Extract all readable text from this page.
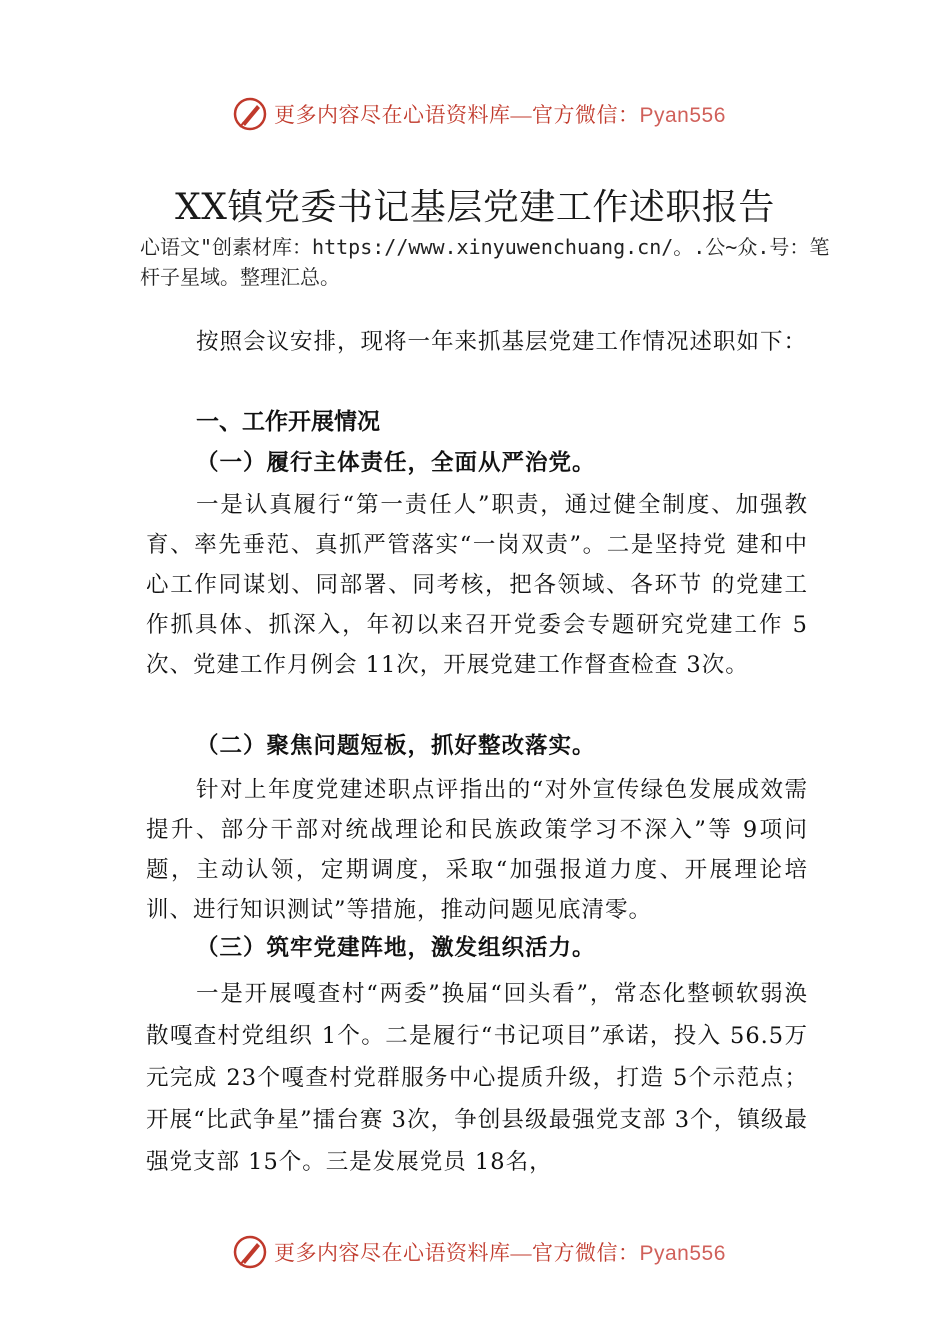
更多内容尽在心语资料库—官方微信：Pyan556
XX镇党委书记基层党建工作述职报告
心语文"创素材库：https://www.xinyuwenchuang.cn/。.公~众.号：笔杆子星域。整理汇总。

按照会议安排，现将一年来抓基层党建工作情况述职如下：

一、工作开展情况

（一）履行主体责任，全面从严治党。

一是认真履行“第一责任人”职责，通过健全制度、加强教育、率先垂范、真抓严管落实“一岗双责”。二是坚持党 建和中心工作同谋划、同部署、同考核，把各领域、各环节 的党建工作抓具体、抓深入，年初以来召开党委会专题研究党建工作 5次、党建工作月例会 11次，开展党建工作督查检查 3次。

（二）聚焦问题短板，抓好整改落实。

针对上年度党建述职点评指出的“对外宣传绿色发展成效需提升、部分干部对统战理论和民族政策学习不深入”等 9项问题，主动认领，定期调度，采取“加强报道力度、开展理论培训、进行知识测试”等措施，推动问题见底清零。

（三）筑牢党建阵地，激发组织活力。

一是开展嘎查村“两委”换届“回头看”，常态化整顿软弱涣散嘎查村党组织 1个。二是履行“书记项目”承诺，投入 56.5万元完成 23个嘎查村党群服务中心提质升级，打造 5个示范点；开展“比武争星”擂台赛 3次，争创县级最强党支部 3个，镇级最强党支部 15个。三是发展党员 18名，

更多内容尽在心语资料库—官方微信：Pyan556
